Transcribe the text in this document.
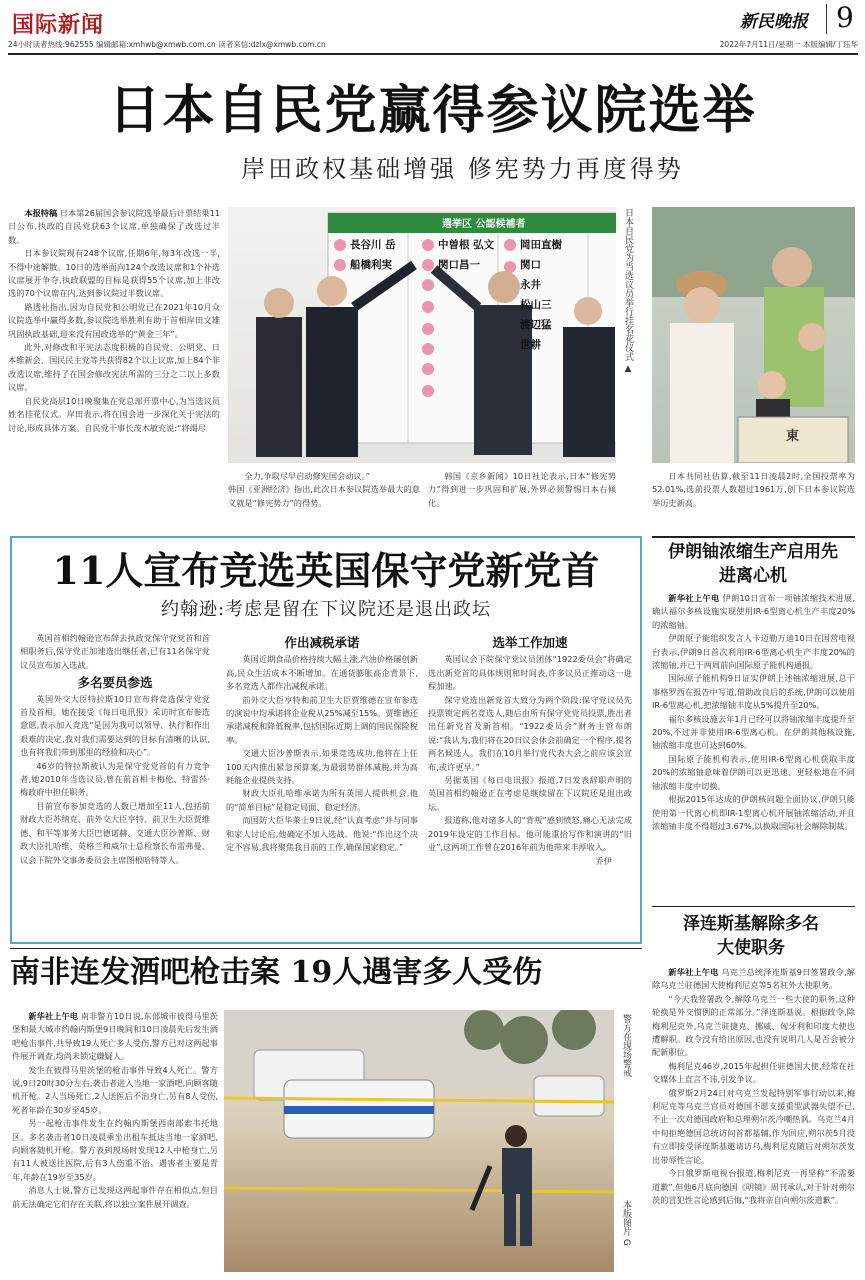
国际新闻	新民晚报 9
24小时读者热线:962555 编辑邮箱:xmhwb@xmwb.com.cn 读者来信:dzlx@xmwb.com.cn	2022年7月11日/星期一 本版编辑/丁珏华
日本自民党赢得参议院选举
岸田政权基础增强 修宪势力再度得势

本报特稿 日本第26届国会参议院选举最后计票结果11日公布,执政的自民党获63个议席,单独确保了改选过半数。

日本参议院现有248个议席,任期6年,每3年改选一半,不得中途解散。10日的选举面向124个改选议席和1个补选议席展开争夺,执政联盟的目标是获得55个议席,加上非改选的70个议席在内,达到参议院过半数议席。

路透社指出,因为自民党和公明党已在2021年10月众议院选举中赢得多数,参议院选举胜利有助于首相岸田文雄巩固执政基础,迎来没有国政选举的“黄金三年”。

此外,对修改和平宪法态度积极的自民党、公明党、日本维新会、国民民主党等共获得82个以上议席,加上84个非改选议席,维持了在国会修改宪法所需的三分之二以上多数议席。

自民党高层10日晚聚集在党总部开票中心,为当选议员姓名挂花仪式。岸田表示,将在国会进一步深化关于宪法的讨论,形成具体方案。自民党干事长茂木敏充说:“将竭尽

選挙区 公認候補者
長谷川 岳
船橋利実
中曽根 弘文
関口昌一
岡田直樹
関口
永井
松山三
渡辺猛
世耕	日本自民党为当选议员举行挂名花仪式 ▲
東

全力,争取尽早启动修宪国会动议。”
韩国《亚洲经济》指出,此次日本参议院选举最大的意义就是“修宪势力”的得势。

韩国《京乡新闻》10日社论表示,日本“修宪势力”得到进一步巩固和扩展,外界必须警惕日本右倾化。

日本共同社估算,截至11日凌晨2时,全国投票率为52.01%,选前投票人数超过1961万,创下日本参议院选举历史新高。

11人宣布竞选英国保守党新党首
约翰逊:考虑是留在下议院还是退出政坛

英国首相约翰逊宣布辞去执政党保守党党首和首相职务后,保守党正加速选出继任者,已有11名保守党议员宣布加入选战。

多名要员参选

英国外交大臣特拉斯10日宣布将竞选保守党党首及首相。她在接受《每日电讯报》采访时宣布参选意愿,表示加入竞选“是因为我可以领导、执行和作出艰难的决定,我对我们需要达到的目标有清晰的认识,也有将我们带到那里的经验和决心”。

46岁的特拉斯被认为是保守党党首的有力竞争者,她2010年当选议员,曾在前首相卡梅伦、特雷莎·梅政府中担任职务。

目前宣布参加竞选的人数已增加至11人,包括前财政大臣苏纳克、前外交大臣亨特、前卫生大臣贾维德、和平等事务大臣巴德诺赫、交通大臣沙普斯、财政大臣扎哈维、英格兰和威尔士总检察长布雷弗曼、议会下院外交事务委员会主席图根哈特等人。

作出减税承诺

英国近期食品价格持续大幅上涨,汽油价格屡创新高,民众生活成本不断增加。在通货膨胀高企背景下,多名竞选人都作出减税承诺。

前外交大臣亨特和前卫生大臣贾维德在宣布参选的演说中均承诺将企业税从25%减至15%。贾维德还承诺减税和降低税率,包括国际近期上调的国民保险税率。

交通大臣沙普斯表示,如果竞选成功,他将在上任100天内推出紧急预算案,为最弱势群体减税,并为高耗能企业提供支持。

财政大臣扎哈维承诺为所有英国人提供机会,他的“简单目标”是稳定局面、稳定经济。

而国防大臣华莱士9日说,经“认真考虑”并与同事和家人讨论后,他确定不加入选战。他说:“作出这个决定不容易,我将聚焦我目前的工作,确保国家稳定。”

选举工作加速

英国议会下院保守党议员团体“1922委员会”将确定选出新党首的具体规则和时间表,许多议员正推动这一进程加速。

保守党选出新党首大致分为两个阶段:保守党议员先投票锁定两名竞选人,随后由所有保守党党员投票,胜出者出任新党首及新首相。“1922委员会”财务主管布朗说:“我认为,我们将在20日议会休会前确定一个程序,提名两名候选人。我们在10月举行党代表大会之前应该会宣布,或许更早。”

另据英国《每日电讯报》报道,7日发表辞职声明的英国首相约翰逊正在考虑是继续留在下议院还是退出政坛。

报道称,他对诸多人的“背叛”感到愤怒,痛心无法完成2019年设定的工作目标。他可能重拾写作和演讲的“旧业”,这两项工作曾在2016年前为他带来丰厚收入。

乔伊
伊朗铀浓缩生产启用先进离心机

新华社上午电 伊朗10日宣布一项铀浓缩技术进展,确认福尔多核设施实现使用IR-6型离心机生产丰度20%的浓缩铀。

伊朗原子能组织发言人卡迈勒万迪10日在国营电视台表示,伊朗9日首次利用IR-6型离心机生产丰度20%的浓缩铀,并已于两周前向国际原子能机构通报。

国际原子能机构9日证实伊朗上述铀浓缩进展,总干事格罗西在报告中写道,借助改良后的系统,伊朗可以使用IR-6型离心机,把浓缩铀丰度从5%提升至20%。

福尔多核设施去年1月已经可以将铀浓缩丰度提升至20%,不过并非使用IR-6型离心机。在伊朗其他核设施,铀浓缩丰度也可达到60%。

国际原子能机构表示,使用IR-6型离心机获取丰度20%的浓缩铀意味着伊朗可以更迅速、更轻松地在不同铀浓缩丰度中切换。

根据2015年达成的伊朗核问题全面协议,伊朗只能使用第一代离心机即IR-1型离心机开展铀浓缩活动,并且浓缩铀丰度不得超过3.67%,以换取国际社会解除制裁。

泽连斯基解除多名大使职务

新华社上午电 乌克兰总统泽连斯基9日签署政令,解除乌克兰驻德国大使梅利尼克等5名驻外大使职务。

“今天我签署政令,解除乌克兰一些大使的职务,这种轮换是外交惯例的正常部分。”泽连斯基说。根据政令,除梅利尼克外,乌克兰驻捷克、挪威、匈牙利和印度大使也遭解职。政令没有给出原因,也没有说明几人是否会被分配新职位。

梅利尼克46岁,2015年起担任驻德国大使,经常在社交媒体上直言不讳,引发争议。

俄罗斯2月24日对乌克兰发起特别军事行动以来,梅利尼克等乌克兰官员对德国不愿支援重型武器失望不已,不止一次对德国政府和总理朔尔茨冷嘲热讽。乌克兰4月中旬拒绝德国总统访问首都基辅,作为回应,朔尔茨5月没有立即接受泽连斯基邀请访乌,梅利尼克随后对朔尔茨发出带辱性言论。

今日俄罗斯电视台报道,梅利尼克一再坚称“不需要道歉”,但他6月底向德国《明镜》周刊承认,对于针对朔尔茨的冒犯性言论感到后悔,“我将亲自向朔尔茨道歉”。

南非连发酒吧枪击案 19人遇害多人受伤

新华社上午电 南非警方10日说,东部城市彼得马里茨堡和最大城市约翰内斯堡9日晚间和10日凌晨先后发生酒吧枪击事件,共导致19人死亡多人受伤,警方已对这两起事件展开调查,均尚未锁定嫌疑人。

发生在彼得马里茨堡的枪击事件导致4人死亡。警方说,9日20时30分左右,袭击者进入当地一家酒吧,向顾客随机开枪。2人当场死亡,2人送医后不治身亡,另有8人受伤,死者年龄在30岁至45岁。

另一起枪击事件发生在约翰内斯堡西南部索韦托地区。多名袭击者10日凌晨乘坐出租车抵达当地一家酒吧,向顾客随机开枪。警方表到现场时发现12人中枪身亡,另有11人被送往医院,后有3人伤重不治。遇害者主要是青年,年龄在19岁至35岁。

消息人士说,警方已发现这两起事件存在相似点,但目前无法确定它们存在关联,将以独立案件展开调查。

警方在现场警戒
本版图片 G
